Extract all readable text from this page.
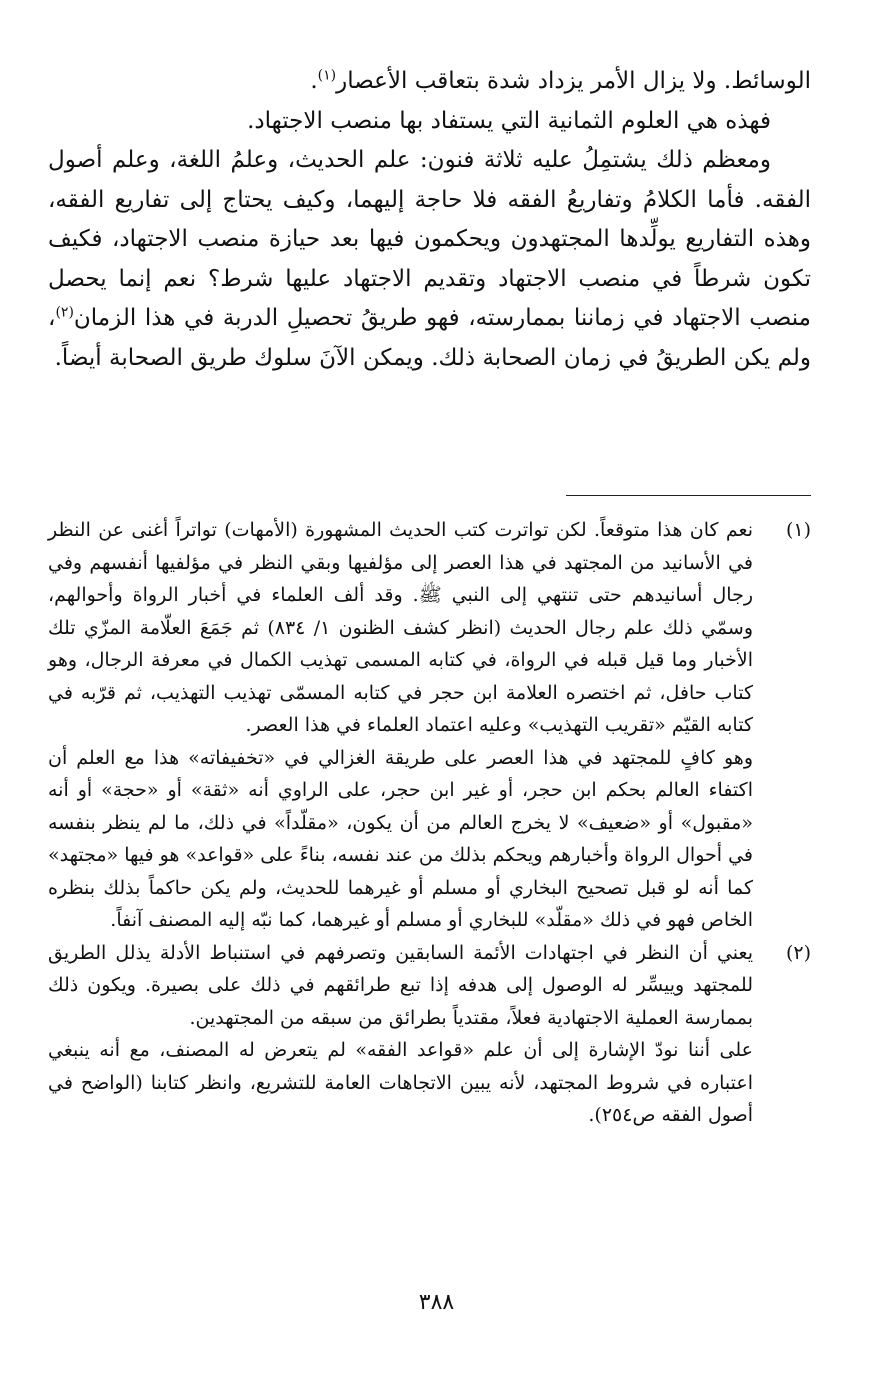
الوسائط. ولا يزال الأمر يزداد شدة بتعاقب الأعصار$^{(١)}$.

فهذه هي العلوم الثمانية التي يستفاد بها منصب الاجتهاد.

ومعظم ذلك يشتمِلُ عليه ثلاثة فنون: علم الحديث، وعلمُ اللغة، وعلم أصول الفقه. فأما الكلامُ وتفاريعُ الفقه فلا حاجة إليهما، وكيف يحتاج إلى تفاريع الفقه، وهذه التفاريع يولِّدها المجتهدون ويحكمون فيها بعد حيازة منصب الاجتهاد، فكيف تكون شرطاً في منصب الاجتهاد وتقديم الاجتهاد عليها شرط؟ نعم إنما يحصل منصب الاجتهاد في زماننا بممارسته، فهو طريقُ تحصيلِ الدربة في هذا الزمان$^{(٢)}$، ولم يكن الطريقُ في زمان الصحابة ذلك. ويمكن الآنَ سلوك طريق الصحابة أيضاً.

(١)

نعم كان هذا متوقعاً. لكن تواترت كتب الحديث المشهورة (الأمهات) تواتراً أغنى عن النظر في الأسانيد من المجتهد في هذا العصر إلى مؤلفيها وبقي النظر في مؤلفيها أنفسهم وفي رجال أسانيدهم حتى تنتهي إلى النبي ﷺ. وقد ألف العلماء في أخبار الرواة وأحوالهم، وسمّي ذلك علم رجال الحديث (انظر كشف الظنون ١/ ٨٣٤) ثم جَمَعَ العلّامة المزّي تلك الأخبار وما قيل قبله في الرواة، في كتابه المسمى تهذيب الكمال في معرفة الرجال، وهو كتاب حافل، ثم اختصره العلامة ابن حجر في كتابه المسمّى تهذيب التهذيب، ثم قرّبه في كتابه القيّم «تقريب التهذيب» وعليه اعتماد العلماء في هذا العصر.

وهو كافٍ للمجتهد في هذا العصر على طريقة الغزالي في «تخفيفاته» هذا مع العلم أن اكتفاء العالم بحكم ابن حجر، أو غير ابن حجر، على الراوي أنه «ثقة» أو «حجة» أو أنه «مقبول» أو «ضعيف» لا يخرج العالم من أن يكون، «مقلّداً» في ذلك، ما لم ينظر بنفسه في أحوال الرواة وأخبارهم ويحكم بذلك من عند نفسه، بناءً على «قواعد» هو فيها «مجتهد» كما أنه لو قبل تصحيح البخاري أو مسلم أو غيرهما للحديث، ولم يكن حاكماً بذلك بنظره الخاص فهو في ذلك «مقلّد» للبخاري أو مسلم أو غيرهما، كما نبّه إليه المصنف آنفاً.

(٢)

يعني أن النظر في اجتهادات الأئمة السابقين وتصرفهم في استنباط الأدلة يذلل الطريق للمجتهد وييسِّر له الوصول إلى هدفه إذا تبع طرائقهم في ذلك على بصيرة. ويكون ذلك بممارسة العملية الاجتهادية فعلاً، مقتدياً بطرائق من سبقه من المجتهدين.

على أننا نودّ الإشارة إلى أن علم «قواعد الفقه» لم يتعرض له المصنف، مع أنه ينبغي اعتباره في شروط المجتهد، لأنه يبين الاتجاهات العامة للتشريع، وانظر كتابنا (الواضح في أصول الفقه ص٢٥٤).

٣٨٨
